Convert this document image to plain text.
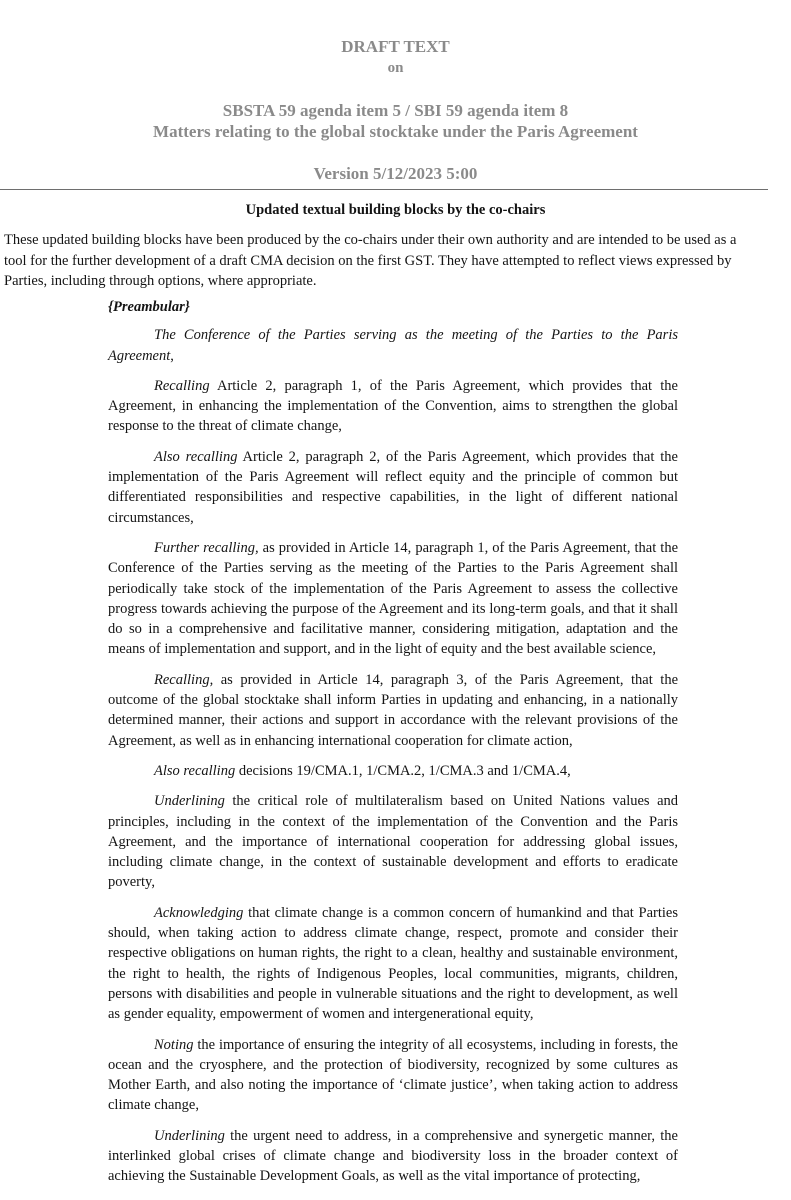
DRAFT TEXT
on
SBSTA 59 agenda item 5 / SBI 59 agenda item 8
Matters relating to the global stocktake under the Paris Agreement
Version 5/12/2023 5:00
Updated textual building blocks by the co-chairs

These updated building blocks have been produced by the co-chairs under their own authority and are intended to be used as a tool for the further development of a draft CMA decision on the first GST. They have attempted to reflect views expressed by Parties, including through options, where appropriate.

{Preambular}

The Conference of the Parties serving as the meeting of the Parties to the Paris Agreement,

Recalling Article 2, paragraph 1, of the Paris Agreement, which provides that the Agreement, in enhancing the implementation of the Convention, aims to strengthen the global response to the threat of climate change,

Also recalling Article 2, paragraph 2, of the Paris Agreement, which provides that the implementation of the Paris Agreement will reflect equity and the principle of common but differentiated responsibilities and respective capabilities, in the light of different national circumstances,

Further recalling, as provided in Article 14, paragraph 1, of the Paris Agreement, that the Conference of the Parties serving as the meeting of the Parties to the Paris Agreement shall periodically take stock of the implementation of the Paris Agreement to assess the collective progress towards achieving the purpose of the Agreement and its long-term goals, and that it shall do so in a comprehensive and facilitative manner, considering mitigation, adaptation and the means of implementation and support, and in the light of equity and the best available science,

Recalling, as provided in Article 14, paragraph 3, of the Paris Agreement, that the outcome of the global stocktake shall inform Parties in updating and enhancing, in a nationally determined manner, their actions and support in accordance with the relevant provisions of the Agreement, as well as in enhancing international cooperation for climate action,

Also recalling decisions 19/CMA.1, 1/CMA.2, 1/CMA.3 and 1/CMA.4,

Underlining the critical role of multilateralism based on United Nations values and principles, including in the context of the implementation of the Convention and the Paris Agreement, and the importance of international cooperation for addressing global issues, including climate change, in the context of sustainable development and efforts to eradicate poverty,

Acknowledging that climate change is a common concern of humankind and that Parties should, when taking action to address climate change, respect, promote and consider their respective obligations on human rights, the right to a clean, healthy and sustainable environment, the right to health, the rights of Indigenous Peoples, local communities, migrants, children, persons with disabilities and people in vulnerable situations and the right to development, as well as gender equality, empowerment of women and intergenerational equity,

Noting the importance of ensuring the integrity of all ecosystems, including in forests, the ocean and the cryosphere, and the protection of biodiversity, recognized by some cultures as Mother Earth, and also noting the importance of ‘climate justice’, when taking action to address climate change,

Underlining the urgent need to address, in a comprehensive and synergetic manner, the interlinked global crises of climate change and biodiversity loss in the broader context of achieving the Sustainable Development Goals, as well as the vital importance of protecting,
